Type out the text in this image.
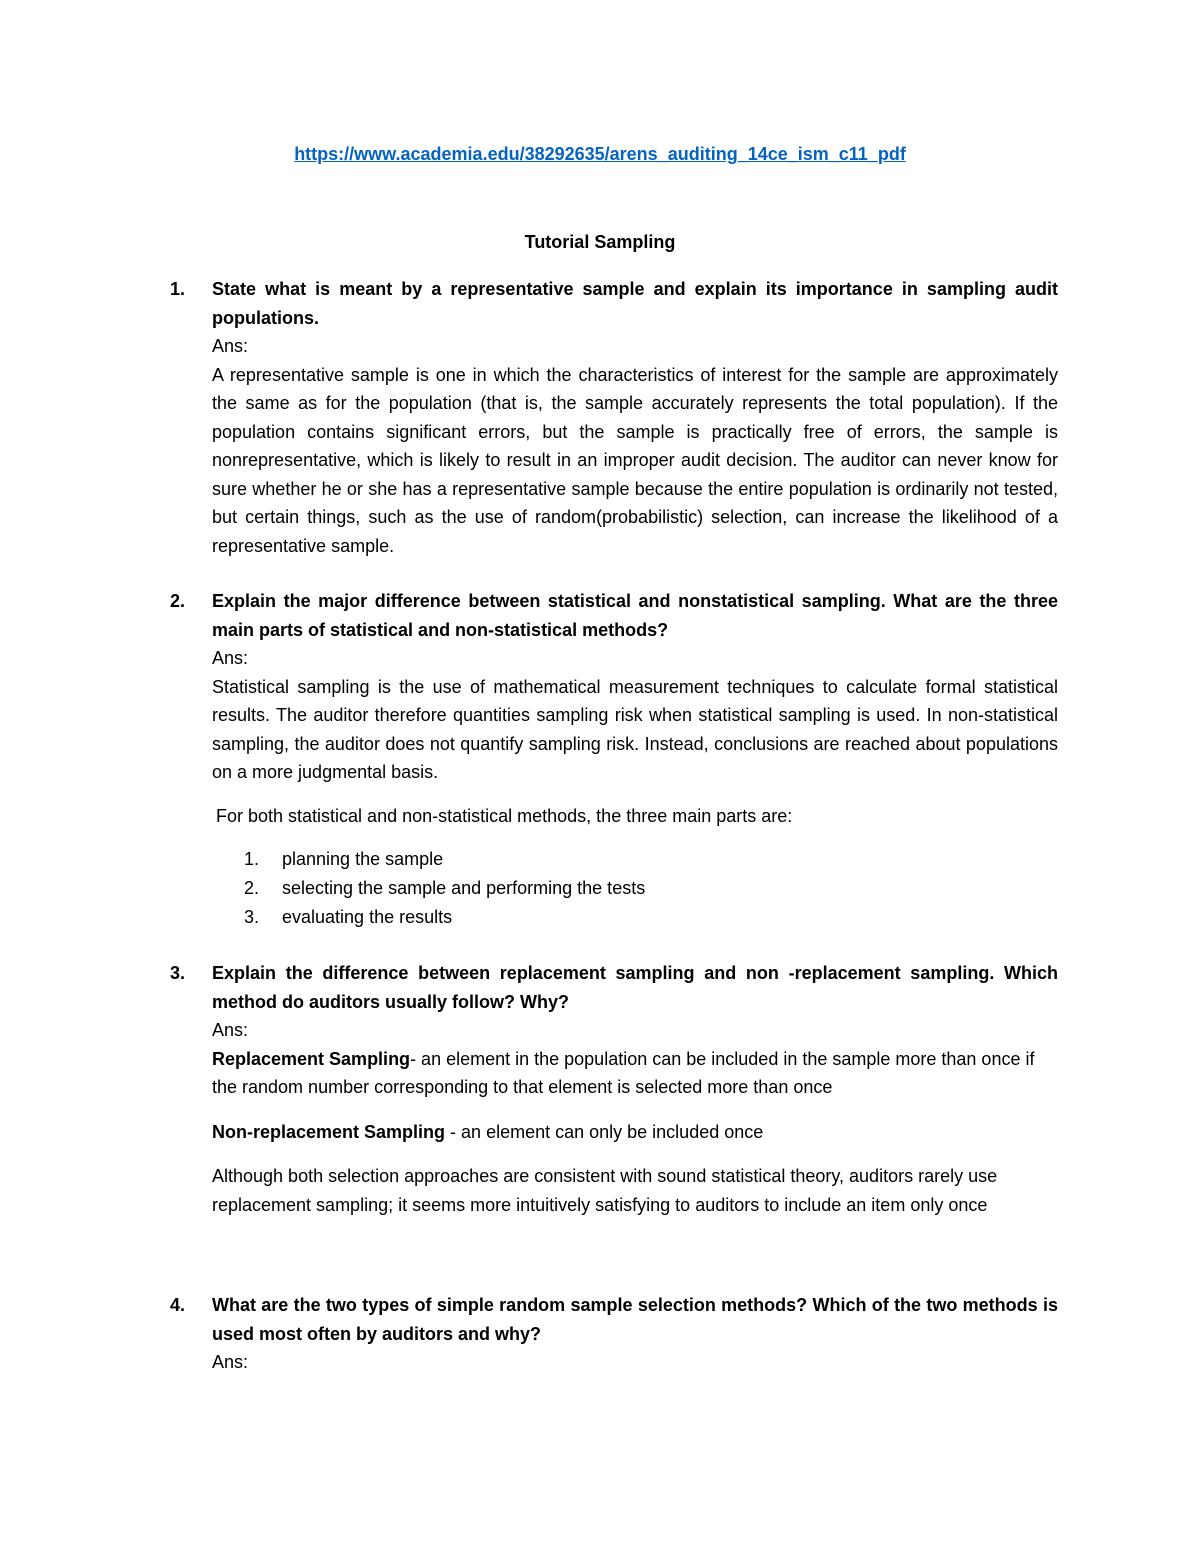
https://www.academia.edu/38292635/arens_auditing_14ce_ism_c11_pdf
Tutorial Sampling
1. State what is meant by a representative sample and explain its importance in sampling audit populations.
Ans:
A representative sample is one in which the characteristics of interest for the sample are approximately the same as for the population (that is, the sample accurately represents the total population). If the population contains significant errors, but the sample is practically free of errors, the sample is nonrepresentative, which is likely to result in an improper audit decision. The auditor can never know for sure whether he or she has a representative sample because the entire population is ordinarily not tested, but certain things, such as the use of random(probabilistic) selection, can increase the likelihood of a representative sample.
2. Explain the major difference between statistical and nonstatistical sampling. What are the three main parts of statistical and non-statistical methods?
Ans:
Statistical sampling is the use of mathematical measurement techniques to calculate formal statistical results. The auditor therefore quantities sampling risk when statistical sampling is used. In non-statistical sampling, the auditor does not quantify sampling risk. Instead, conclusions are reached about populations on a more judgmental basis.
For both statistical and non-statistical methods, the three main parts are:
1. planning the sample
2. selecting the sample and performing the tests
3. evaluating the results
3. Explain the difference between replacement sampling and non -replacement sampling. Which method do auditors usually follow? Why?
Ans:

Replacement Sampling- an element in the population can be included in the sample more than once if the random number corresponding to that element is selected more than once

Non-replacement Sampling - an element can only be included once

Although both selection approaches are consistent with sound statistical theory, auditors rarely use replacement sampling; it seems more intuitively satisfying to auditors to include an item only once

4. What are the two types of simple random sample selection methods? Which of the two methods is used most often by auditors and why?
Ans:
